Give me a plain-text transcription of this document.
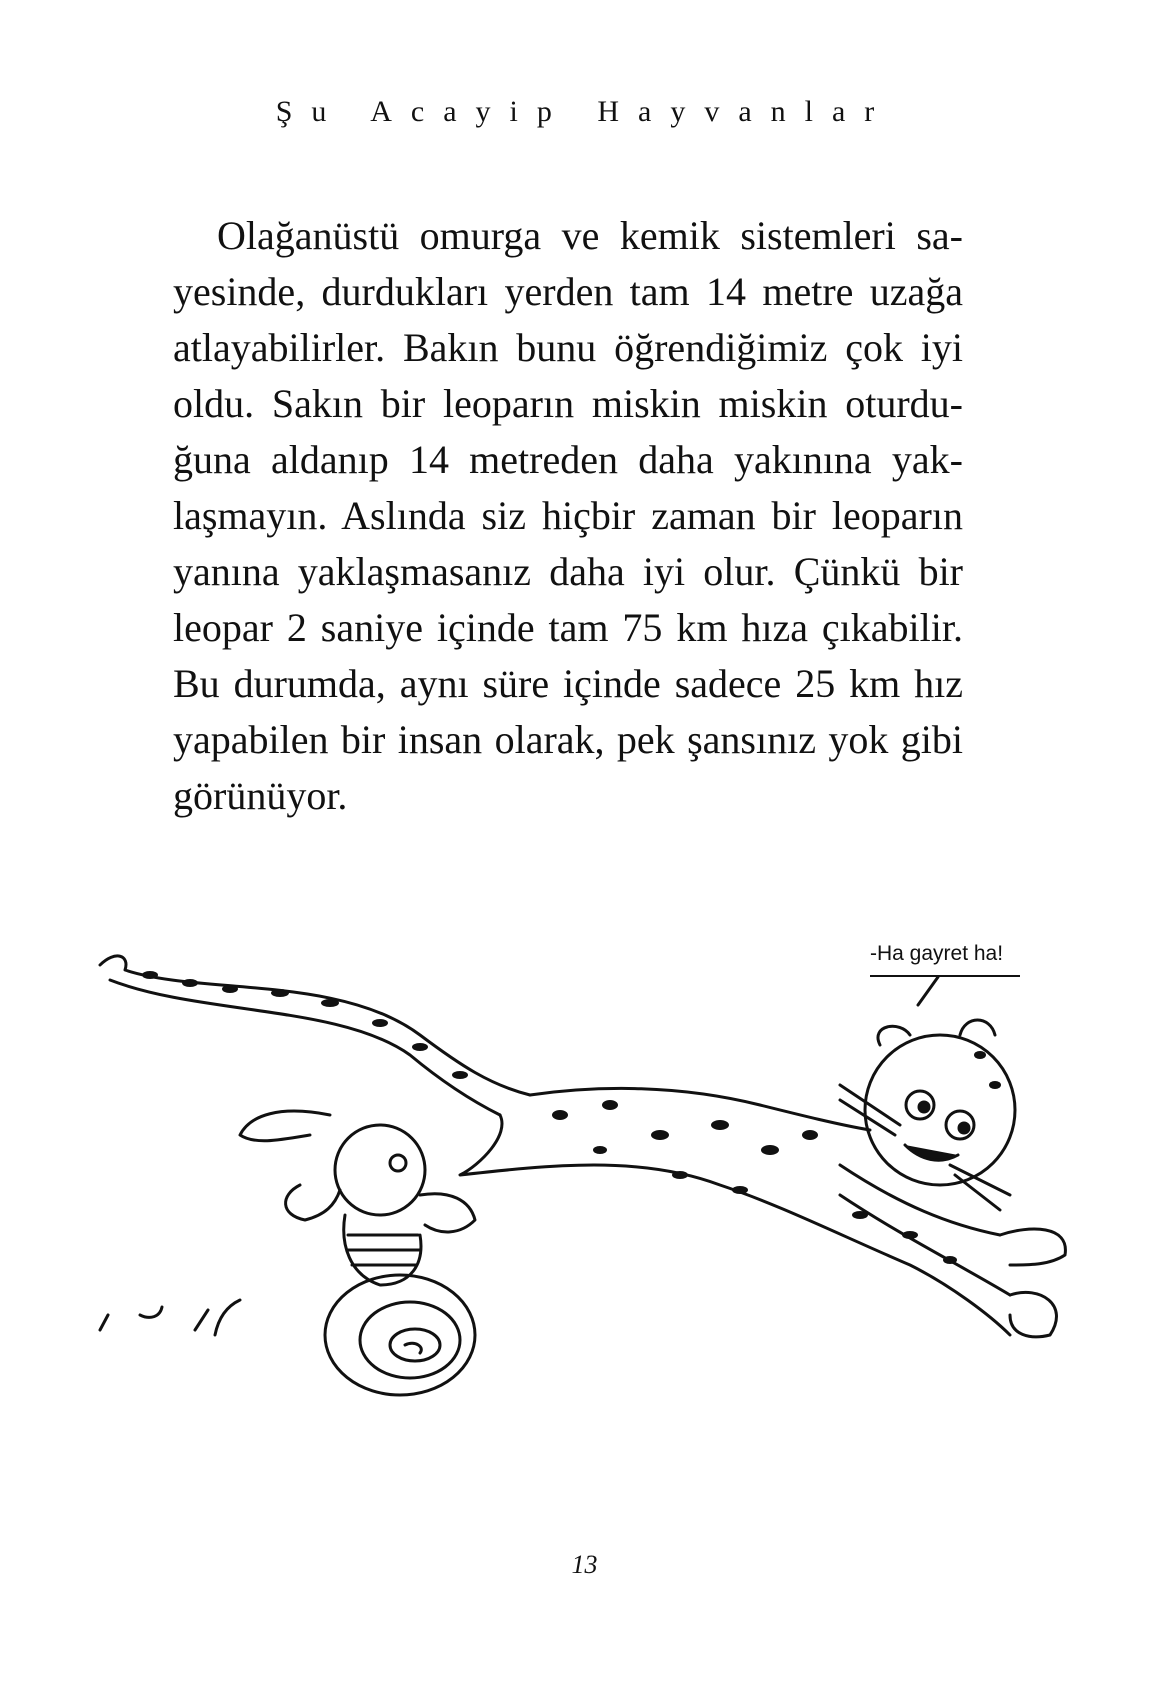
Şu Acayip Hayvanlar
Olağanüstü omurga ve kemik sistemleri sa-
yesinde, durdukları yerden tam 14 metre uzağa
atlayabilirler. Bakın bunu öğrendiğimiz çok iyi
oldu. Sakın bir leoparın miskin miskin oturdu-
ğuna aldanıp 14 metreden daha yakınına yak-
laşmayın. Aslında siz hiçbir zaman bir leoparın
yanına yaklaşmasanız daha iyi olur. Çünkü bir
leopar 2 saniye içinde tam 75 km hıza çıkabilir.
Bu durumda, aynı süre içinde sadece 25 km hız
yapabilen bir insan olarak, pek şansınız yok gibi
görünüyor.
-Ha gayret ha!
13
